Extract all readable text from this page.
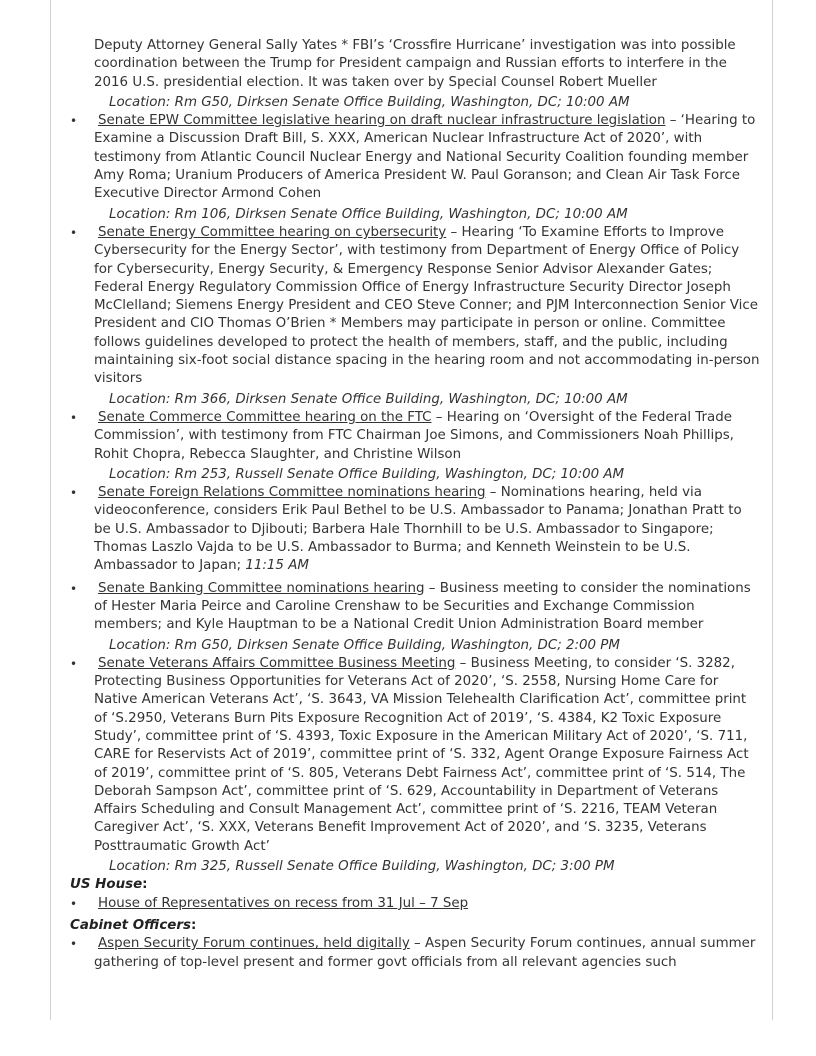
Deputy Attorney General Sally Yates * FBI’s ‘Crossfire Hurricane’ investigation was into possible coordination between the Trump for President campaign and Russian efforts to interfere in the 2016 U.S. presidential election. It was taken over by Special Counsel Robert Mueller
Location: Rm G50, Dirksen Senate Office Building, Washington, DC; 10:00 AM
• Senate EPW Committee legislative hearing on draft nuclear infrastructure legislation – ‘Hearing to Examine a Discussion Draft Bill, S. XXX, American Nuclear Infrastructure Act of 2020’, with testimony from Atlantic Council Nuclear Energy and National Security Coalition founding member Amy Roma; Uranium Producers of America President W. Paul Goranson; and Clean Air Task Force Executive Director Armond Cohen
Location: Rm 106, Dirksen Senate Office Building, Washington, DC; 10:00 AM
• Senate Energy Committee hearing on cybersecurity – Hearing ‘To Examine Efforts to Improve Cybersecurity for the Energy Sector’, with testimony from Department of Energy Office of Policy for Cybersecurity, Energy Security, & Emergency Response Senior Advisor Alexander Gates; Federal Energy Regulatory Commission Office of Energy Infrastructure Security Director Joseph McClelland; Siemens Energy President and CEO Steve Conner; and PJM Interconnection Senior Vice President and CIO Thomas O’Brien * Members may participate in person or online. Committee follows guidelines developed to protect the health of members, staff, and the public, including maintaining six-foot social distance spacing in the hearing room and not accommodating in-person visitors
Location: Rm 366, Dirksen Senate Office Building, Washington, DC; 10:00 AM
• Senate Commerce Committee hearing on the FTC – Hearing on ‘Oversight of the Federal Trade Commission’, with testimony from FTC Chairman Joe Simons, and Commissioners Noah Phillips, Rohit Chopra, Rebecca Slaughter, and Christine Wilson
Location: Rm 253, Russell Senate Office Building, Washington, DC; 10:00 AM
• Senate Foreign Relations Committee nominations hearing – Nominations hearing, held via videoconference, considers Erik Paul Bethel to be U.S. Ambassador to Panama; Jonathan Pratt to be U.S. Ambassador to Djibouti; Barbera Hale Thornhill to be U.S. Ambassador to Singapore; Thomas Laszlo Vajda to be U.S. Ambassador to Burma; and Kenneth Weinstein to be U.S. Ambassador to Japan; 11:15 AM
• Senate Banking Committee nominations hearing – Business meeting to consider the nominations of Hester Maria Peirce and Caroline Crenshaw to be Securities and Exchange Commission members; and Kyle Hauptman to be a National Credit Union Administration Board member
Location: Rm G50, Dirksen Senate Office Building, Washington, DC; 2:00 PM
• Senate Veterans Affairs Committee Business Meeting – Business Meeting, to consider ‘S. 3282, Protecting Business Opportunities for Veterans Act of 2020’, ‘S. 2558, Nursing Home Care for Native American Veterans Act’, ‘S. 3643, VA Mission Telehealth Clarification Act’, committee print of ‘S.2950, Veterans Burn Pits Exposure Recognition Act of 2019’, ‘S. 4384, K2 Toxic Exposure Study’, committee print of ‘S. 4393, Toxic Exposure in the American Military Act of 2020’, ‘S. 711, CARE for Reservists Act of 2019’, committee print of ‘S. 332, Agent Orange Exposure Fairness Act of 2019’, committee print of ‘S. 805, Veterans Debt Fairness Act’, committee print of ‘S. 514, The Deborah Sampson Act’, committee print of ‘S. 629, Accountability in Department of Veterans Affairs Scheduling and Consult Management Act’, committee print of ‘S. 2216, TEAM Veteran Caregiver Act’, ‘S. XXX, Veterans Benefit Improvement Act of 2020’, and ‘S. 3235, Veterans Posttraumatic Growth Act’
Location: Rm 325, Russell Senate Office Building, Washington, DC; 3:00 PM
US House:
• House of Representatives on recess from 31 Jul – 7 Sep
Cabinet Officers:
• Aspen Security Forum continues, held digitally – Aspen Security Forum continues, annual summer gathering of top-level present and former govt officials from all relevant agencies such
